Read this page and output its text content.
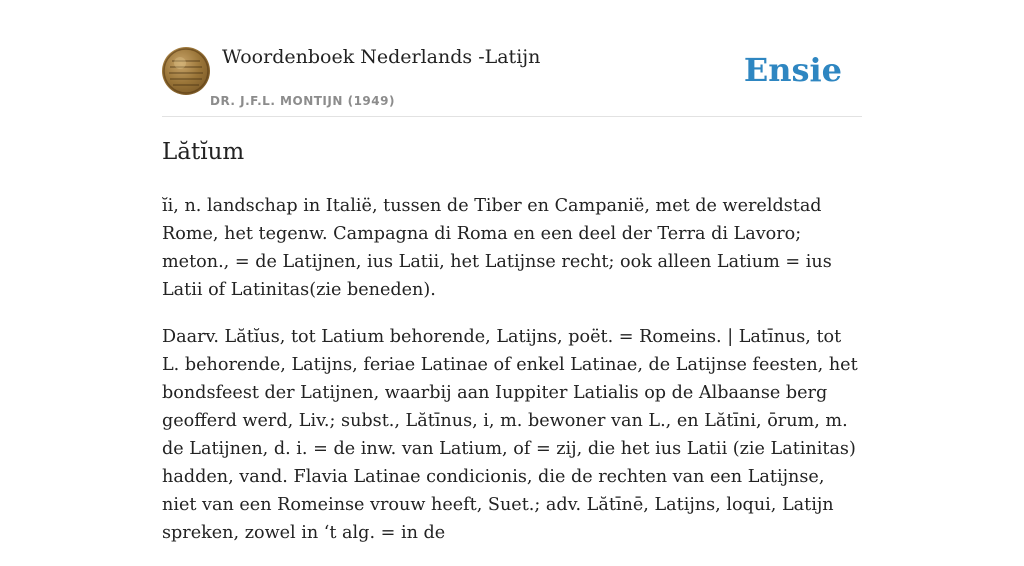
Woordenboek Nederlands -Latijn
DR. J.F.L. MONTIJN (1949)
Ensie
Lătĭum

ĭi, n. landschap in Italië, tussen de Tiber en Campanië, met de wereldstad Rome, het tegenw. Campagna di Roma en een deel der Terra di Lavoro; meton., = de Latijnen, ius Latii, het Latijnse recht; ook alleen Latium = ius Latii of Latinitas(zie beneden).

Daarv. Lătĭus, tot Latium behorende, Latijns, poët. = Romeins. | Latīnus, tot L. behorende, Latijns, feriae Latinae of enkel Latinae, de Latijnse feesten, het bondsfeest der Latijnen, waarbij aan Iuppiter Latialis op de Albaanse berg geofferd werd, Liv.; subst., Lătīnus, i, m. bewoner van L., en Lătīni, ōrum, m. de Latijnen, d. i. = de inw. van Latium, of = zij, die het ius Latii (zie Latinitas) hadden, vand. Flavia Latinae condicionis, die de rechten van een Latijnse, niet van een Romeinse vrouw heeft, Suet.; adv. Lătīnē, Latijns, loqui, Latijn spreken, zowel in ‘t alg. = in de
